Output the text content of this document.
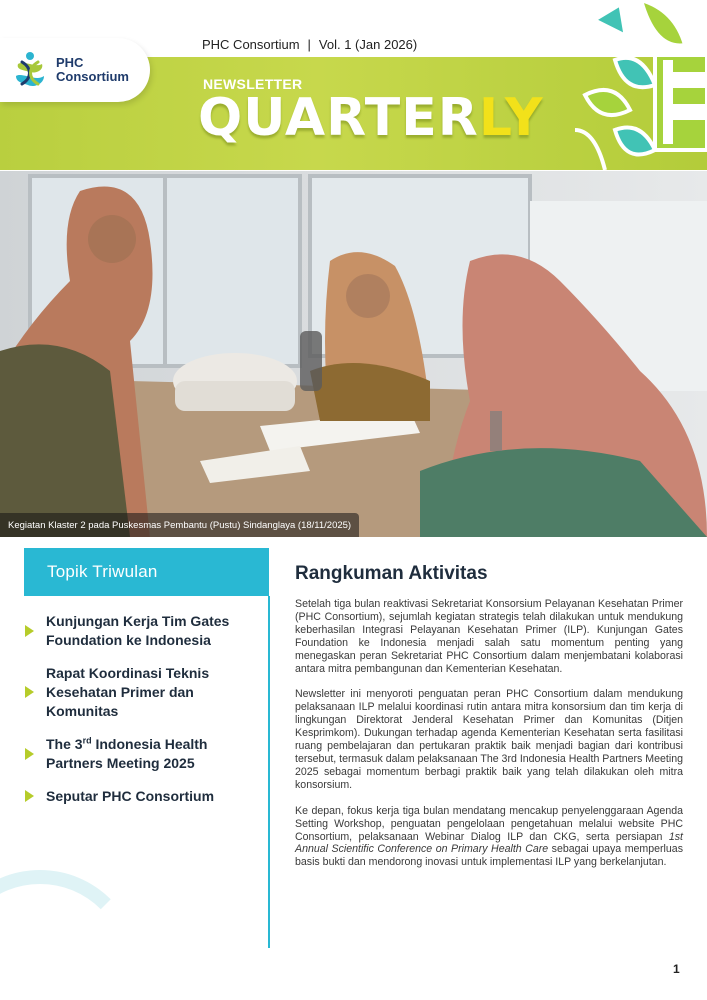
PHC
Consortium
PHC Consortium | Vol. 1 (Jan 2026)
NEWSLETTER
QUARTERLY
Kegiatan Klaster 2 pada Puskesmas Pembantu (Pustu) Sindanglaya (18/11/2025)
Topik Triwulan
Kunjungan Kerja Tim Gates Foundation ke Indonesia
Rapat Koordinasi Teknis Kesehatan Primer dan Komunitas
The 3rd Indonesia Health Partners Meeting 2025
Seputar PHC Consortium
Rangkuman Aktivitas

Setelah tiga bulan reaktivasi Sekretariat Konsorsium Pelayanan Kesehatan Primer (PHC Consortium), sejumlah kegiatan strategis telah dilakukan untuk mendukung keberhasilan Integrasi Pelayanan Kesehatan Primer (ILP). Kunjungan Gates Foundation ke Indonesia menjadi salah satu momentum penting yang menegaskan peran Sekretariat PHC Consortium dalam menjembatani kolaborasi antara mitra pembangunan dan Kementerian Kesehatan.

Newsletter ini menyoroti penguatan peran PHC Consortium dalam mendukung pelaksanaan ILP melalui koordinasi rutin antara mitra konsorsium dan tim kerja di lingkungan Direktorat Jenderal Kesehatan Primer dan Komunitas (Ditjen Kesprimkom). Dukungan terhadap agenda Kementerian Kesehatan serta fasilitasi ruang pembelajaran dan pertukaran praktik baik menjadi bagian dari kontribusi tersebut, termasuk dalam pelaksanaan The 3rd Indonesia Health Partners Meeting 2025 sebagai momentum berbagi praktik baik yang telah dilakukan oleh mitra konsorsium.

Ke depan, fokus kerja tiga bulan mendatang mencakup penyelenggaraan Agenda Setting Workshop, penguatan pengelolaan pengetahuan melalui website PHC Consortium, pelaksanaan Webinar Dialog ILP dan CKG, serta persiapan 1st Annual Scientific Conference on Primary Health Care sebagai upaya memperluas basis bukti dan mendorong inovasi untuk implementasi ILP yang berkelanjutan.

1
